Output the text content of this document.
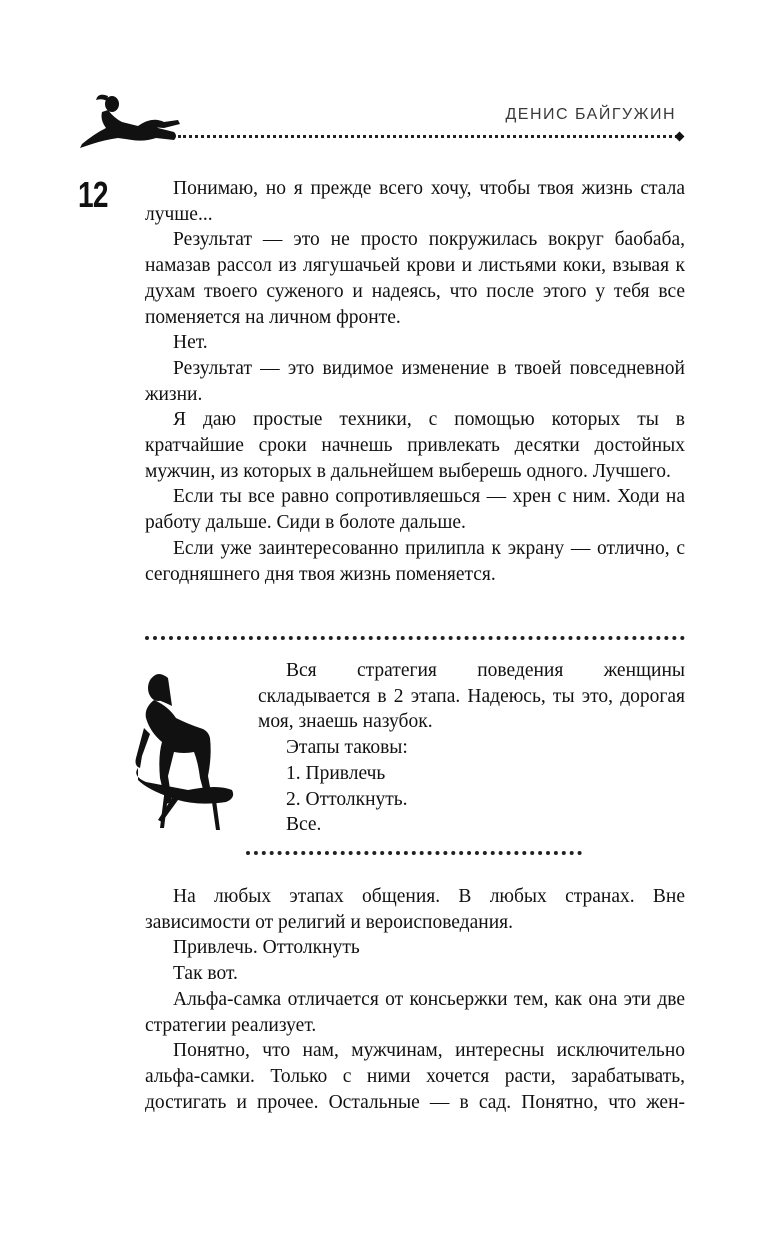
ДЕНИС БАЙГУЖИН
12	Понимаю, но я прежде всего хочу, чтобы твоя жизнь стала лучше...

Результат — это не просто покружилась вокруг баобаба, намазав рассол из лягушачьей крови и листьями коки, взывая к духам твоего суженого и надеясь, что после этого у тебя все поменяется на личном фронте.

Нет.

Результат — это видимое изменение в твоей повседневной жизни.

Я даю простые техники, с помощью которых ты в кратчайшие сроки начнешь привлекать десятки достойных мужчин, из которых в дальнейшем выберешь одного. Лучшего.

Если ты все равно сопротивляешься — хрен с ним. Ходи на работу дальше. Сиди в болоте дальше.

Если уже заинтересованно прилипла к экрану — отлично, с сегодняшнего дня твоя жизнь поменяется.

Вся стратегия поведения женщины складывается в 2 этапа. Надеюсь, ты это, дорогая моя, знаешь назубок.

Этапы таковы:

1. Привлечь

2. Оттолкнуть.

Все.

На любых этапах общения. В любых странах. Вне зависимости от религий и вероисповедания.

Привлечь. Оттолкнуть

Так вот.

Альфа-самка отличается от консьержки тем, как она эти две стратегии реализует.

Понятно, что нам, мужчинам, интересны исключительно альфа-самки. Только с ними хочется расти, зарабатывать, достигать и прочее. Остальные — в сад. Понятно, что жен-
